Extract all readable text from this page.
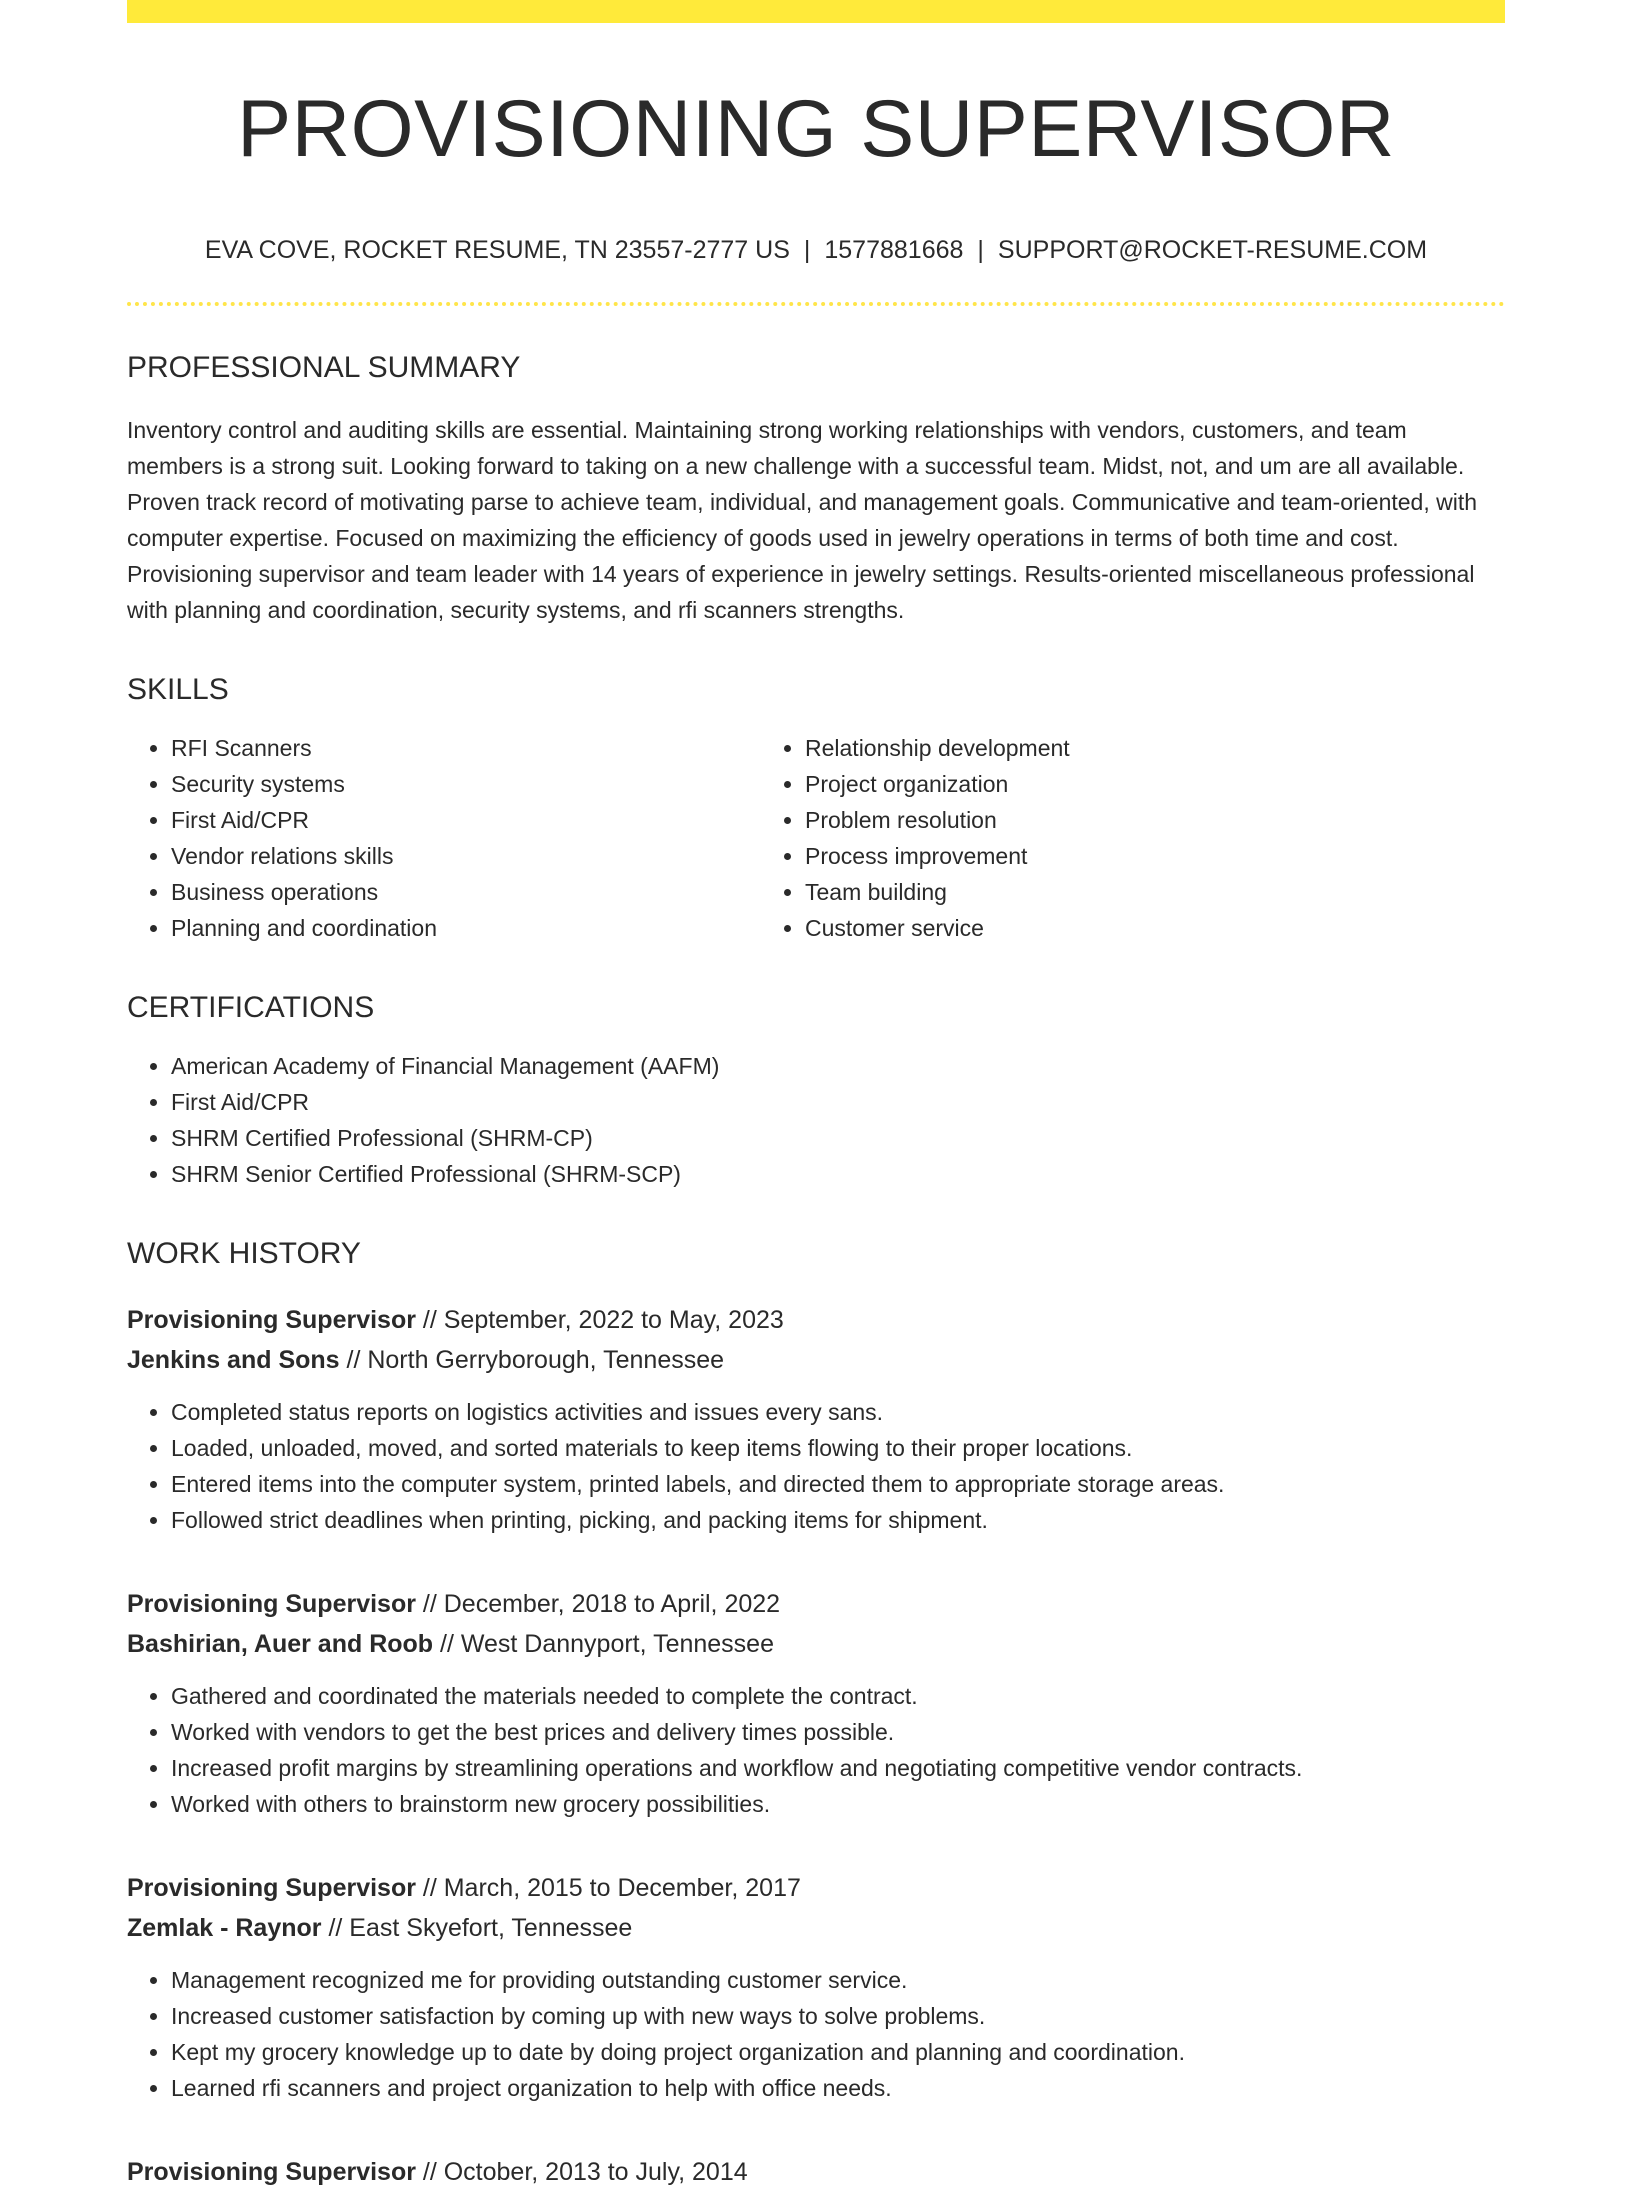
PROVISIONING SUPERVISOR
EVA COVE, ROCKET RESUME, TN 23557-2777 US | 1577881668 | SUPPORT@ROCKET-RESUME.COM
PROFESSIONAL SUMMARY
Inventory control and auditing skills are essential. Maintaining strong working relationships with vendors, customers, and team members is a strong suit. Looking forward to taking on a new challenge with a successful team. Midst, not, and um are all available. Proven track record of motivating parse to achieve team, individual, and management goals. Communicative and team-oriented, with computer expertise. Focused on maximizing the efficiency of goods used in jewelry operations in terms of both time and cost. Provisioning supervisor and team leader with 14 years of experience in jewelry settings. Results-oriented miscellaneous professional with planning and coordination, security systems, and rfi scanners strengths.
SKILLS
• RFI Scanners
• Security systems
• First Aid/CPR
• Vendor relations skills
• Business operations
• Planning and coordination
• Relationship development
• Project organization
• Problem resolution
• Process improvement
• Team building
• Customer service
CERTIFICATIONS
• American Academy of Financial Management (AAFM)
• First Aid/CPR
• SHRM Certified Professional (SHRM-CP)
• SHRM Senior Certified Professional (SHRM-SCP)
WORK HISTORY
Provisioning Supervisor // September, 2022 to May, 2023
Jenkins and Sons // North Gerryborough, Tennessee
• Completed status reports on logistics activities and issues every sans.
• Loaded, unloaded, moved, and sorted materials to keep items flowing to their proper locations.
• Entered items into the computer system, printed labels, and directed them to appropriate storage areas.
• Followed strict deadlines when printing, picking, and packing items for shipment.
Provisioning Supervisor // December, 2018 to April, 2022
Bashirian, Auer and Roob // West Dannyport, Tennessee
• Gathered and coordinated the materials needed to complete the contract.
• Worked with vendors to get the best prices and delivery times possible.
• Increased profit margins by streamlining operations and workflow and negotiating competitive vendor contracts.
• Worked with others to brainstorm new grocery possibilities.
Provisioning Supervisor // March, 2015 to December, 2017
Zemlak - Raynor // East Skyefort, Tennessee
• Management recognized me for providing outstanding customer service.
• Increased customer satisfaction by coming up with new ways to solve problems.
• Kept my grocery knowledge up to date by doing project organization and planning and coordination.
• Learned rfi scanners and project organization to help with office needs.
Provisioning Supervisor // October, 2013 to July, 2014
